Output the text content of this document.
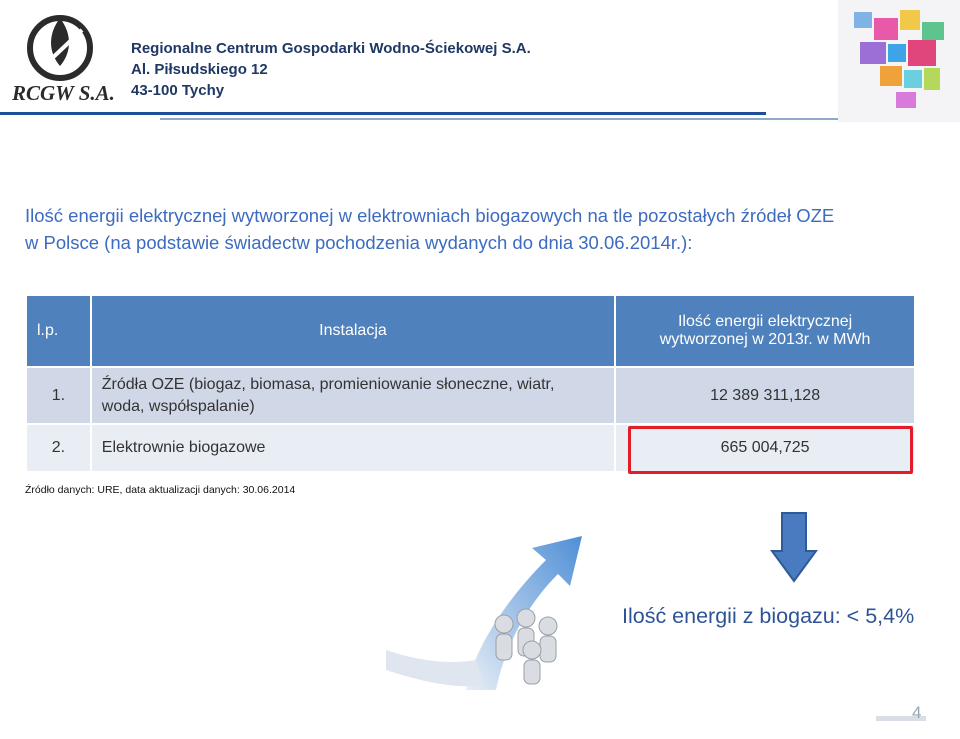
RCGW S.A.
Regionalne Centrum Gospodarki Wodno-Ściekowej S.A.
Al. Piłsudskiego 12
43-100 Tychy
Ilość energii elektrycznej wytworzonej w elektrowniach biogazowych na tle pozostałych źródeł OZE
w Polsce (na podstawie świadectw pochodzenia wydanych do dnia 30.06.2014r.):
l.p.	Instalacja	Ilość energii elektrycznej
wytworzonej w 2013r. w MWh

1.	Źródła OZE (biogaz, biomasa, promieniowanie słoneczne, wiatr,
woda, współspalanie)	12 389 311,128
2.	Elektrownie biogazowe	665 004,725
Źródło danych: URE, data aktualizacji danych: 30.06.2014
Ilość energii z biogazu: < 5,4%
4
